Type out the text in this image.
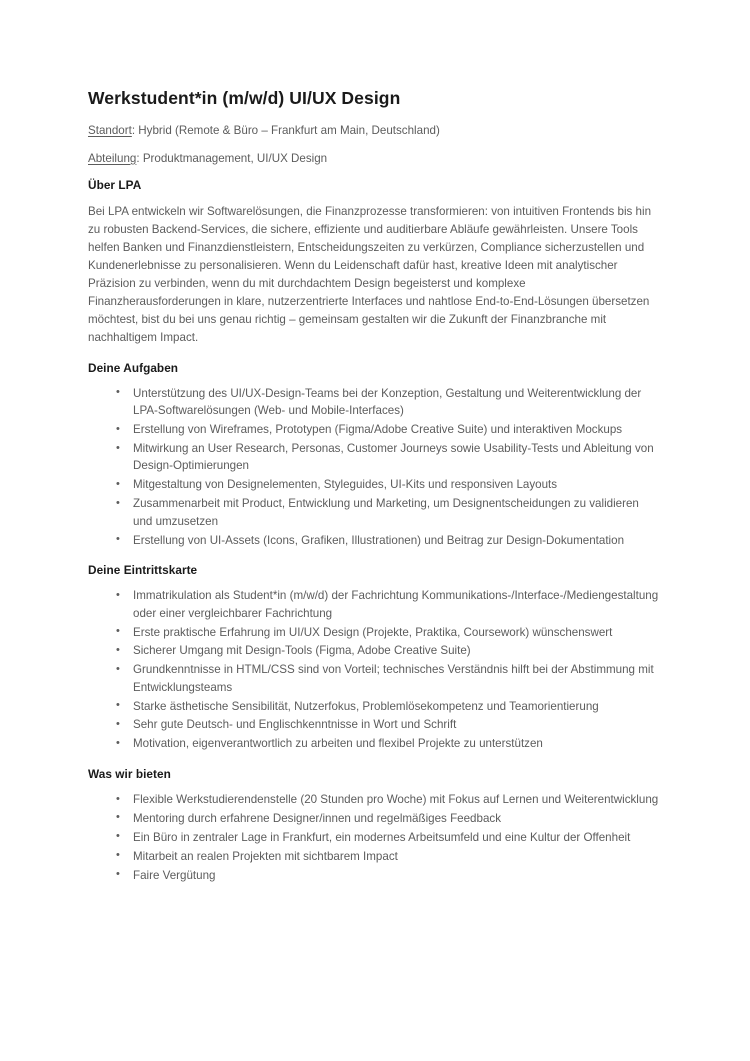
Werkstudent*in (m/w/d) UI/UX Design
Standort: Hybrid (Remote & Büro – Frankfurt am Main, Deutschland)
Abteilung: Produktmanagement, UI/UX Design
Über LPA

Bei LPA entwickeln wir Softwarelösungen, die Finanzprozesse transformieren: von intuitiven Frontends bis hin zu robusten Backend-Services, die sichere, effiziente und auditierbare Abläufe gewährleisten. Unsere Tools helfen Banken und Finanzdienstleistern, Entscheidungszeiten zu verkürzen, Compliance sicherzustellen und Kundenerlebnisse zu personalisieren. Wenn du Leidenschaft dafür hast, kreative Ideen mit analytischer Präzision zu verbinden, wenn du mit durchdachtem Design begeisterst und komplexe Finanzherausforderungen in klare, nutzerzentrierte Interfaces und nahtlose End-to-End-Lösungen übersetzen möchtest, bist du bei uns genau richtig – gemeinsam gestalten wir die Zukunft der Finanzbranche mit nachhaltigem Impact.

Deine Aufgaben
• Unterstützung des UI/UX-Design-Teams bei der Konzeption, Gestaltung und Weiterentwicklung der LPA-Softwarelösungen (Web- und Mobile-Interfaces)
• Erstellung von Wireframes, Prototypen (Figma/Adobe Creative Suite) und interaktiven Mockups
• Mitwirkung an User Research, Personas, Customer Journeys sowie Usability-Tests und Ableitung von Design-Optimierungen
• Mitgestaltung von Designelementen, Styleguides, UI-Kits und responsiven Layouts
• Zusammenarbeit mit Product, Entwicklung und Marketing, um Designentscheidungen zu validieren und umzusetzen
• Erstellung von UI-Assets (Icons, Grafiken, Illustrationen) und Beitrag zur Design-Dokumentation
Deine Eintrittskarte
• Immatrikulation als Student*in (m/w/d) der Fachrichtung Kommunikations-/Interface-/Mediengestaltung oder einer vergleichbarer Fachrichtung
• Erste praktische Erfahrung im UI/UX Design (Projekte, Praktika, Coursework) wünschenswert
• Sicherer Umgang mit Design-Tools (Figma, Adobe Creative Suite)
• Grundkenntnisse in HTML/CSS sind von Vorteil; technisches Verständnis hilft bei der Abstimmung mit Entwicklungsteams
• Starke ästhetische Sensibilität, Nutzerfokus, Problemlösekompetenz und Teamorientierung
• Sehr gute Deutsch- und Englischkenntnisse in Wort und Schrift
• Motivation, eigenverantwortlich zu arbeiten und flexibel Projekte zu unterstützen
Was wir bieten
• Flexible Werkstudierendenstelle (20 Stunden pro Woche) mit Fokus auf Lernen und Weiterentwicklung
• Mentoring durch erfahrene Designer/innen und regelmäßiges Feedback
• Ein Büro in zentraler Lage in Frankfurt, ein modernes Arbeitsumfeld und eine Kultur der Offenheit
• Mitarbeit an realen Projekten mit sichtbarem Impact
• Faire Vergütung
